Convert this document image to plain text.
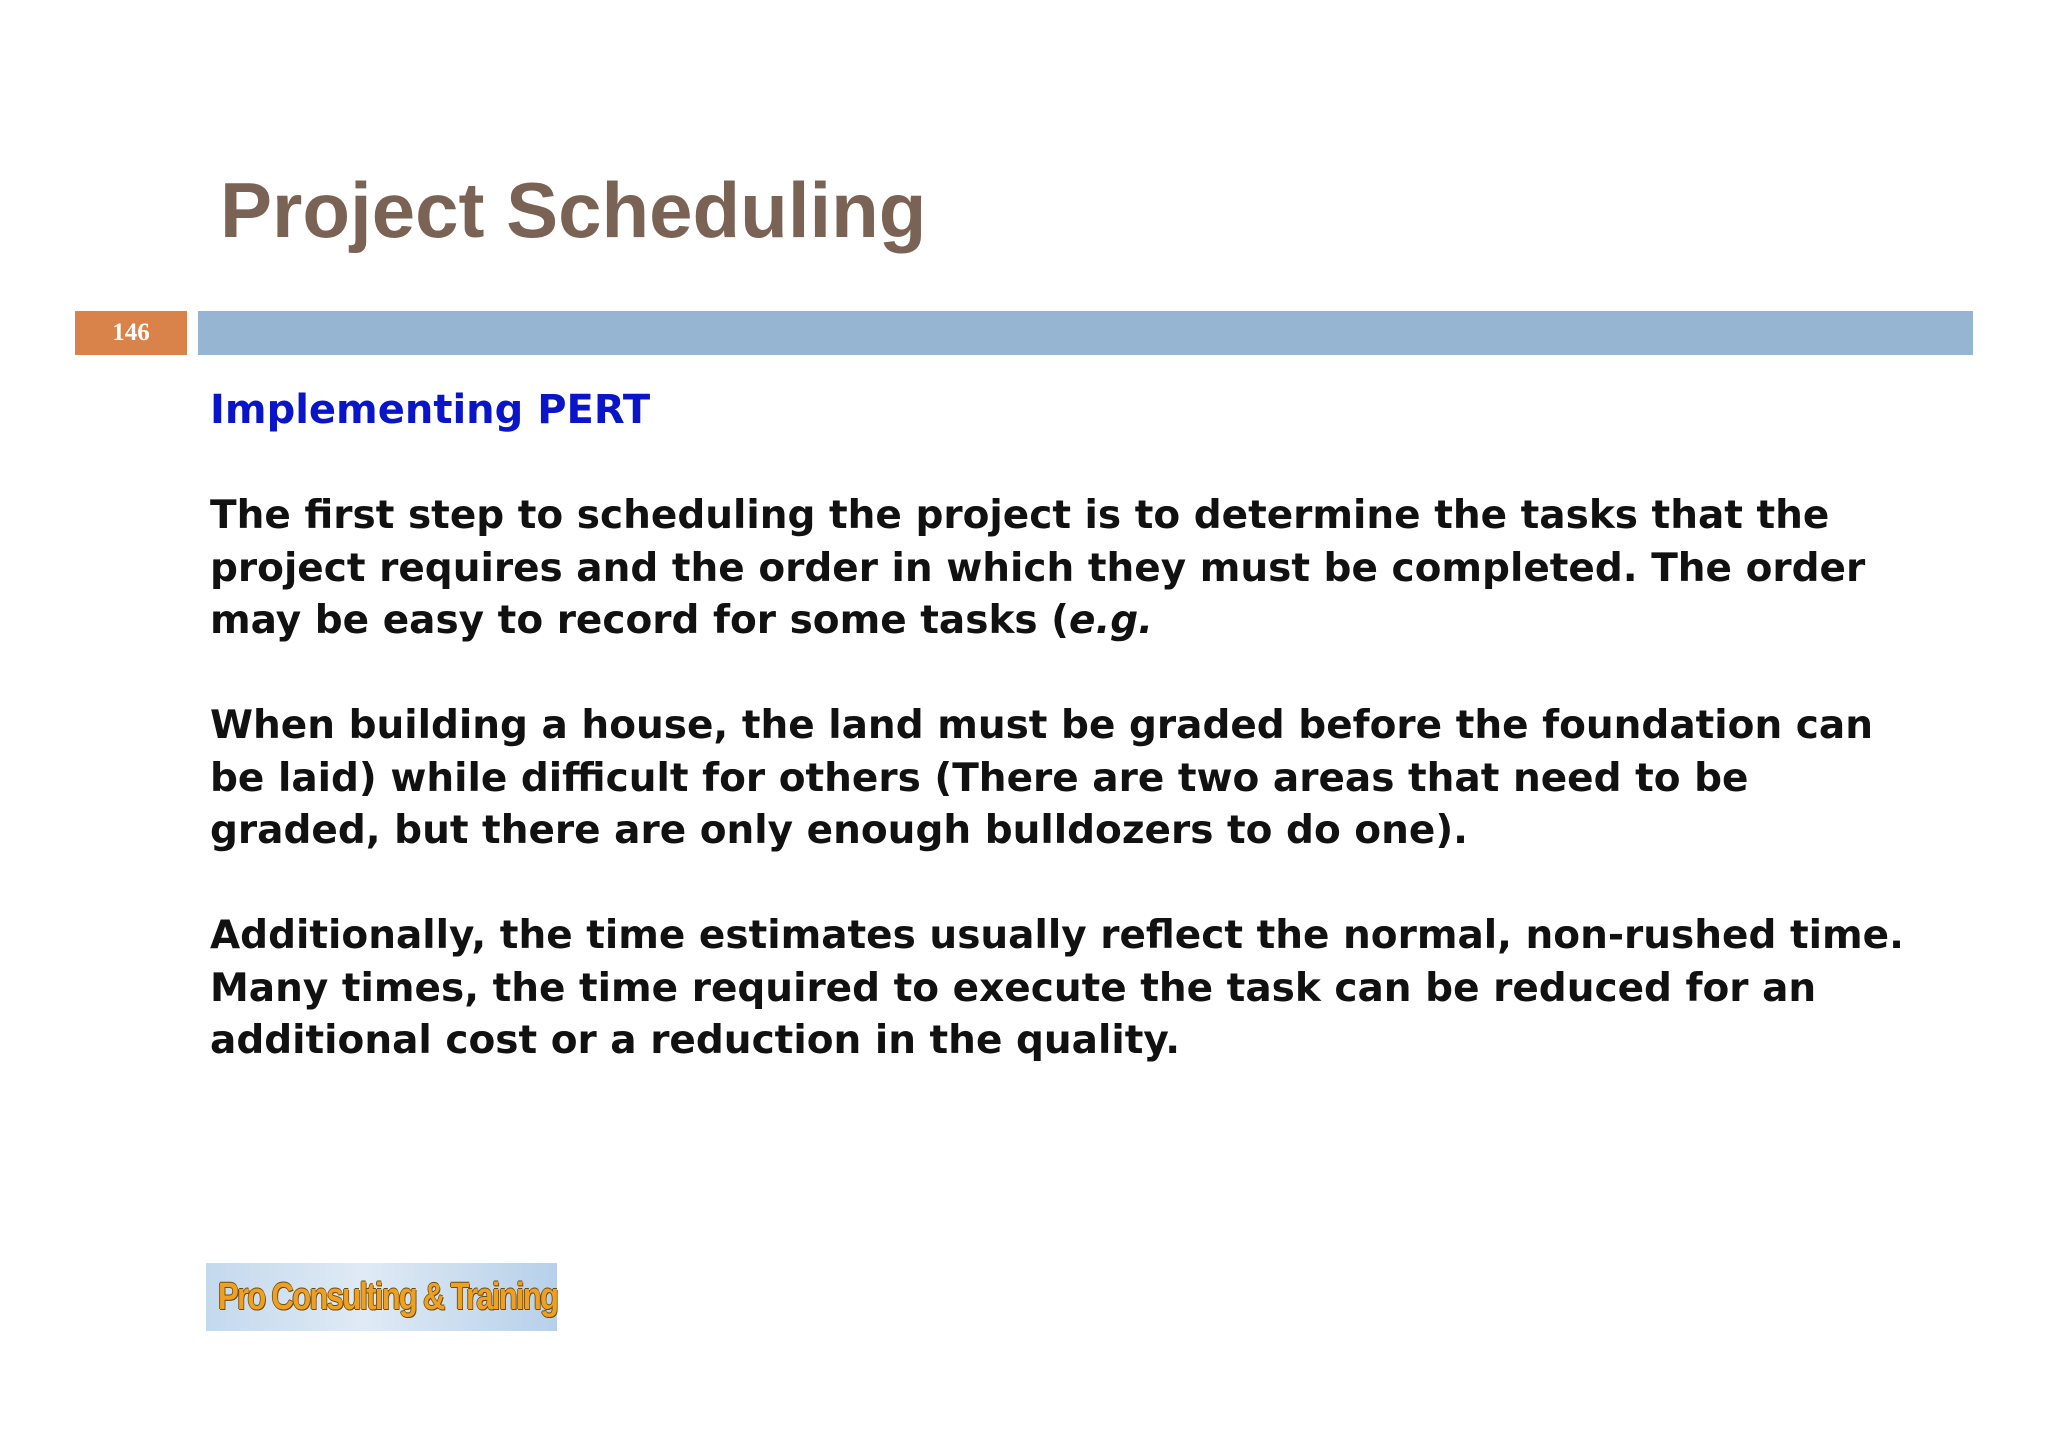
Project Scheduling
146
Implementing PERT

The first step to scheduling the project is to determine the tasks that the project requires and the order in which they must be completed. The order may be easy to record for some tasks (e.g.

When building a house, the land must be graded before the foundation can be laid) while difficult for others (There are two areas that need to be graded, but there are only enough bulldozers to do one).

Additionally, the time estimates usually reflect the normal, non-rushed time. Many times, the time required to execute the task can be reduced for an additional cost or a reduction in the quality.

Pro Consulting & Training
